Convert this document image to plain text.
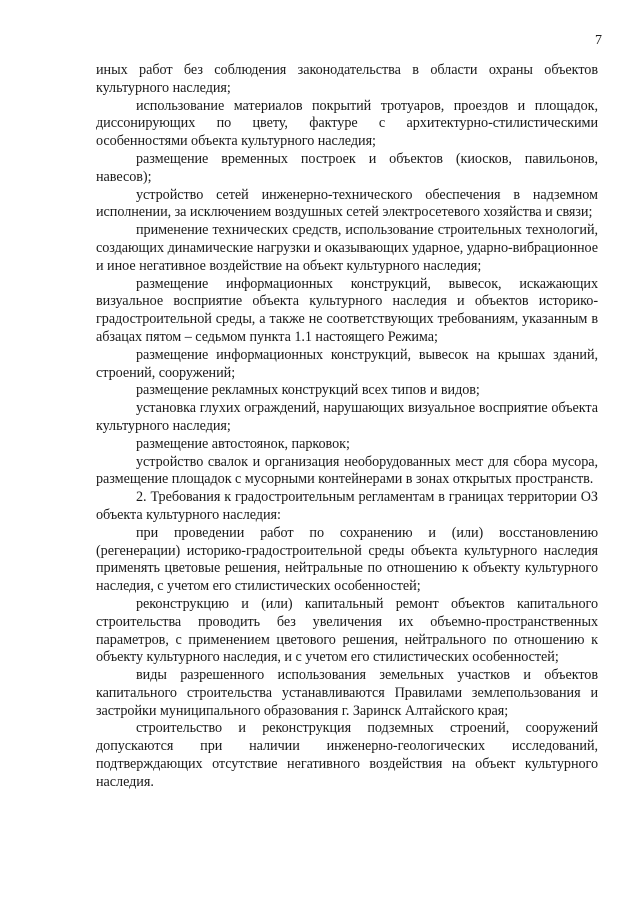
7

иных работ без соблюдения законодательства в области охраны объектов культурного наследия;

использование материалов покрытий тротуаров, проездов и площадок, диссонирующих по цвету, фактуре с архитектурно-стилистическими особенностями объекта культурного наследия;

размещение временных построек и объектов (киосков, павильонов, навесов);

устройство сетей инженерно-технического обеспечения в надземном исполнении, за исключением воздушных сетей электросетевого хозяйства и связи;

применение технических средств, использование строительных технологий, создающих динамические нагрузки и оказывающих ударное, ударно-вибрационное и иное негативное воздействие на объект культурного наследия;

размещение информационных конструкций, вывесок, искажающих визуальное восприятие объекта культурного наследия и объектов историко-градостроительной среды, а также не соответствующих требованиям, указанным в абзацах пятом – седьмом пункта 1.1 настоящего Режима;

размещение информационных конструкций, вывесок на крышах зданий, строений, сооружений;

размещение рекламных конструкций всех типов и видов;

установка глухих ограждений, нарушающих визуальное восприятие объекта культурного наследия;

размещение автостоянок, парковок;

устройство свалок и организация необорудованных мест для сбора мусора, размещение площадок с мусорными контейнерами в зонах открытых пространств.

2. Требования к градостроительным регламентам в границах территории ОЗ объекта культурного наследия:

при проведении работ по сохранению и (или) восстановлению (регенерации) историко-градостроительной среды объекта культурного наследия применять цветовые решения, нейтральные по отношению к объекту культурного наследия, с учетом его стилистических особенностей;

реконструкцию и (или) капитальный ремонт объектов капитального строительства проводить без увеличения их объемно-пространственных параметров, с применением цветового решения, нейтрального по отношению к объекту культурного наследия, и с учетом его стилистических особенностей;

виды разрешенного использования земельных участков и объектов капитального строительства устанавливаются Правилами землепользования и застройки муниципального образования г. Заринск Алтайского края;

строительство и реконструкция подземных строений, сооружений допускаются при наличии инженерно-геологических исследований, подтверждающих отсутствие негативного воздействия на объект культурного наследия.
